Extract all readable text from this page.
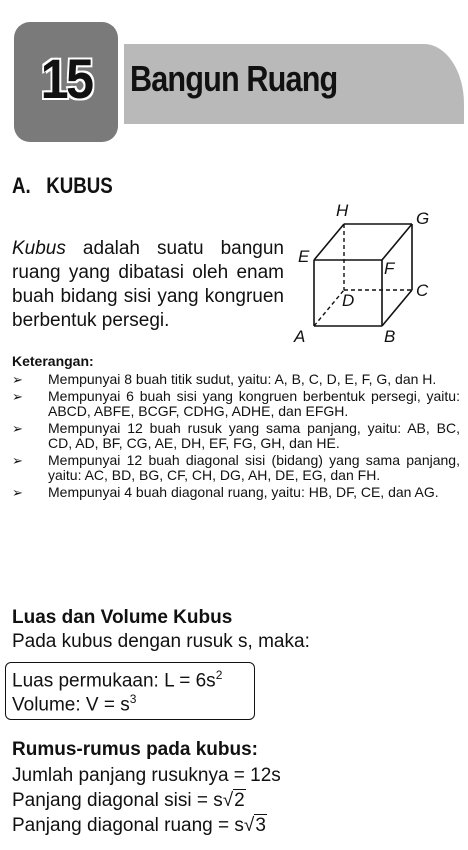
15	Bangun Ruang
A.   KUBUS
Kubus adalah suatu bangun ruang yang dibatasi oleh enam buah bidang sisi yang kongruen berbentuk persegi.
H	G
E
F
C
D
A	B
Keterangan:
➢ Mempunyai 8 buah titik sudut, yaitu: A, B, C, D, E, F, G, dan H.
➢ Mempunyai 6 buah sisi yang kongruen berbentuk persegi, yaitu: ABCD, ABFE, BCGF, CDHG, ADHE, dan EFGH.
➢ Mempunyai 12 buah rusuk yang sama panjang, yaitu: AB, BC, CD, AD, BF, CG, AE, DH, EF, FG, GH, dan HE.
➢ Mempunyai 12 buah diagonal sisi (bidang) yang sama panjang, yaitu: AC, BD, BG, CF, CH, DG, AH, DE, EG, dan FH.
➢ Mempunyai 4 buah diagonal ruang, yaitu: HB, DF, CE, dan AG.
Luas dan Volume Kubus
Pada kubus dengan rusuk s, maka:
Luas permukaan: $L = 6s^2$
Volume: $V = s^3$
Rumus-rumus pada kubus:
Jumlah panjang rusuknya = 12s
Panjang diagonal sisi = s√2
Panjang diagonal ruang = s√3
